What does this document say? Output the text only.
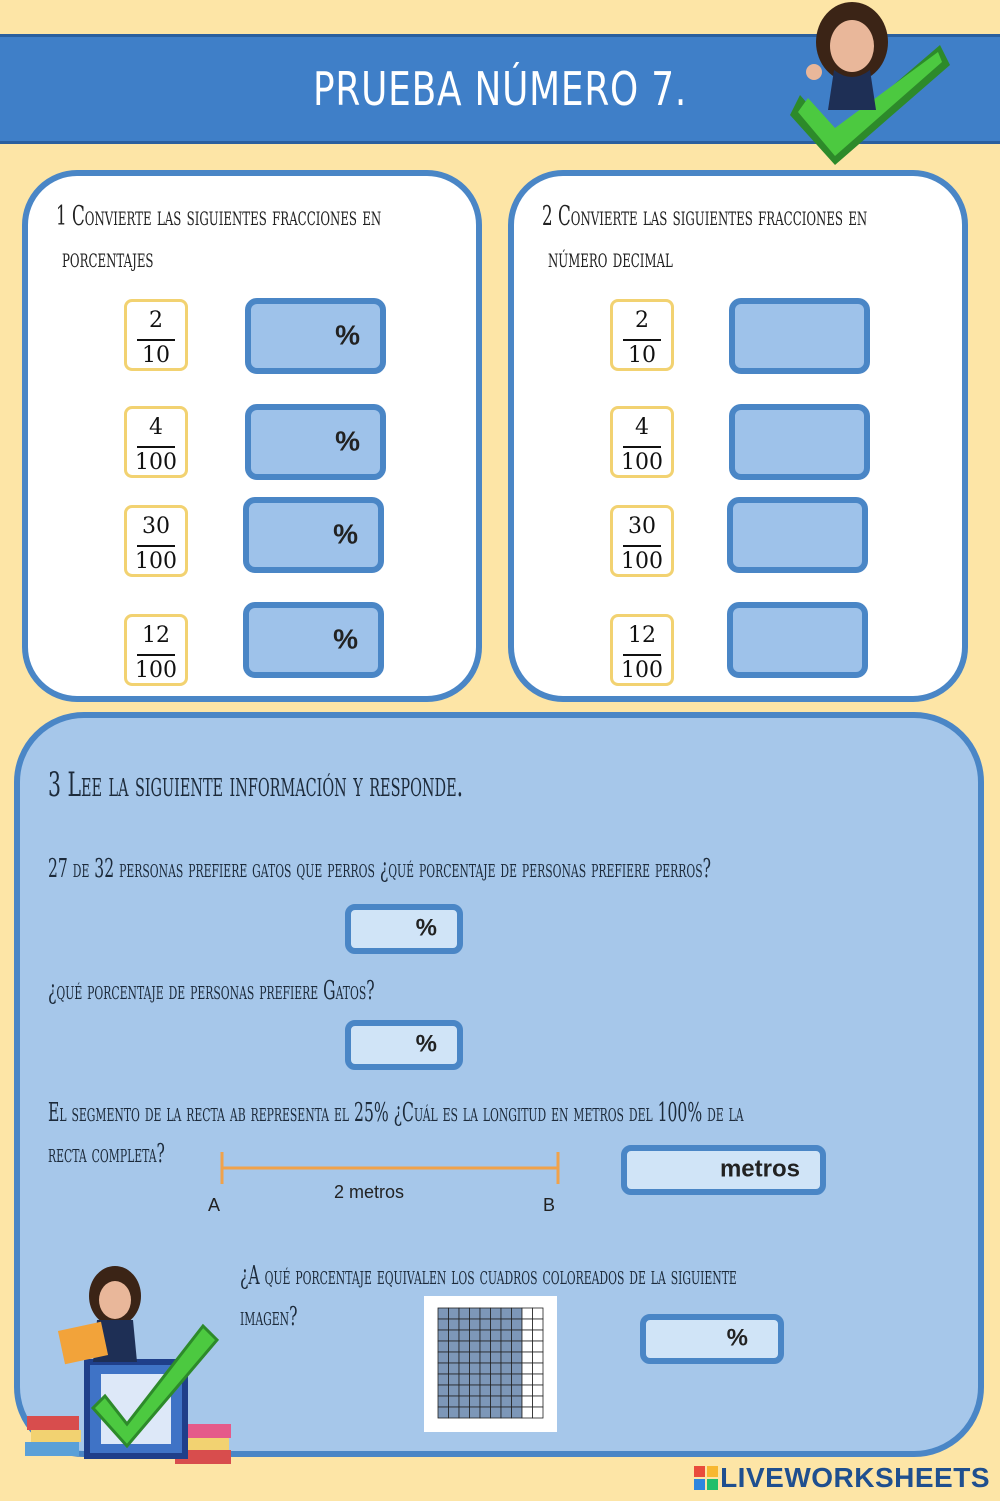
PRUEBA NÚMERO 7.
1 Convierte las siguientes fracciones en
porcentajes
2
10
%
4
100
%
30
100
%
12
100
%
2 Convierte las siguientes fracciones en
número decimal
2
10
4
100
30
100
12
100
3 Lee la siguiente información y responde.
27 de 32 personas prefiere gatos que perros ¿qué porcentaje de personas prefiere perros?
%
¿qué porcentaje de personas prefiere Gatos?
%
El segmento de la recta ab representa el 25% ¿Cuál es la longitud en metros del 100% de la
recta completa?
2 metros
A	B
metros
¿A qué porcentaje equivalen los cuadros coloreados de la siguiente
imagen?
%
LIVEWORKSHEETS
